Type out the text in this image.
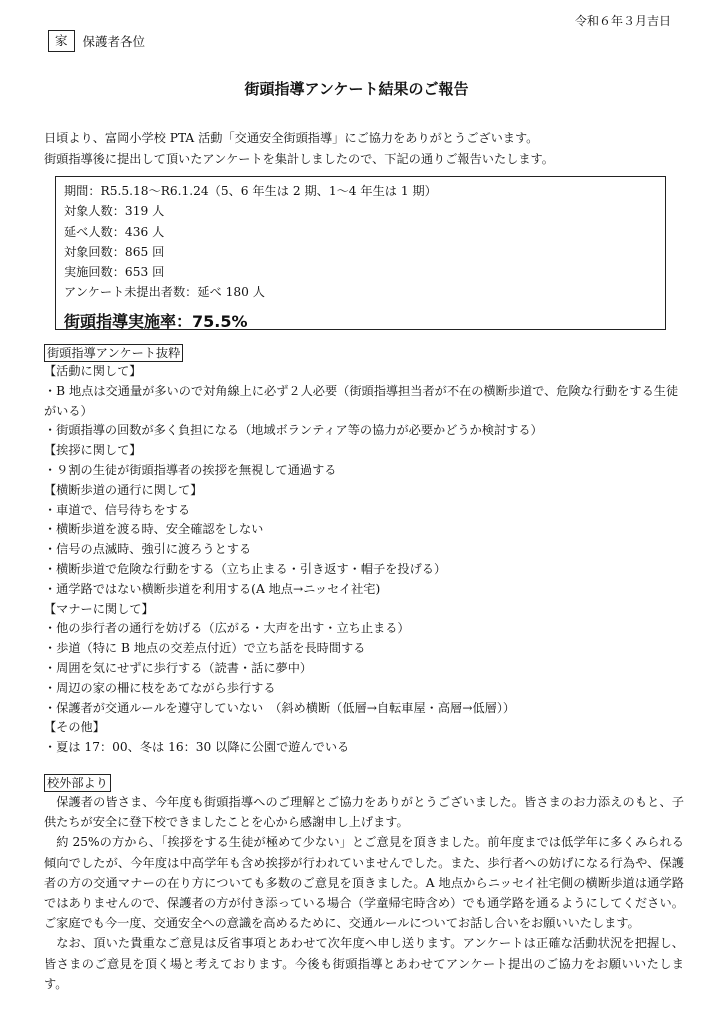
令和６年３月吉日
家	保護者各位
街頭指導アンケート結果のご報告
日頃より、富岡小学校 PTA 活動「交通安全街頭指導」にご協力をありがとうございます。
街頭指導後に提出して頂いたアンケートを集計しましたので、下記の通りご報告いたします。
期間：R5.5.18〜R6.1.24（5、6 年生は 2 期、1〜4 年生は 1 期）
対象人数：319 人
延べ人数：436 人
対象回数：865 回
実施回数：653 回
アンケート未提出者数：延べ 180 人
街頭指導実施率：75.5%
街頭指導アンケート抜粋
【活動に関して】
・B 地点は交通量が多いので対角線上に必ず２人必要（街頭指導担当者が不在の横断歩道で、危険な行動をする生徒がいる）
・街頭指導の回数が多く負担になる（地域ボランティア等の協力が必要かどうか検討する）
【挨拶に関して】
・９割の生徒が街頭指導者の挨拶を無視して通過する
【横断歩道の通行に関して】
・車道で、信号待ちをする
・横断歩道を渡る時、安全確認をしない
・信号の点滅時、強引に渡ろうとする
・横断歩道で危険な行動をする（立ち止まる・引き返す・帽子を投げる）
・通学路ではない横断歩道を利用する(A 地点→ニッセイ社宅)
【マナーに関して】
・他の歩行者の通行を妨げる（広がる・大声を出す・立ち止まる）
・歩道（特に B 地点の交差点付近）で立ち話を長時間する
・周囲を気にせずに歩行する（読書・話に夢中）
・周辺の家の柵に枝をあてながら歩行する
・保護者が交通ルールを遵守していない　（斜め横断（低層→自転車屋・高層→低層））
【その他】
・夏は 17：00、冬は 16：30 以降に公園で遊んでいる
校外部より

保護者の皆さま、今年度も街頭指導へのご理解とご協力をありがとうございました。皆さまのお力添えのもと、子供たちが安全に登下校できましたことを心から感謝申し上げます。

約 25%の方から、「挨拶をする生徒が極めて少ない」とご意見を頂きました。前年度までは低学年に多くみられる傾向でしたが、今年度は中高学年も含め挨拶が行われていませんでした。また、歩行者への妨げになる行為や、保護者の方の交通マナーの在り方についても多数のご意見を頂きました。A 地点からニッセイ社宅側の横断歩道は通学路ではありませんので、保護者の方が付き添っている場合（学童帰宅時含め）でも通学路を通るようにしてください。ご家庭でも今一度、交通安全への意識を高めるために、交通ルールについてお話し合いをお願いいたします。

なお、頂いた貴重なご意見は反省事項とあわせて次年度へ申し送ります。アンケートは正確な活動状況を把握し、皆さまのご意見を頂く場と考えております。今後も街頭指導とあわせてアンケート提出のご協力をお願いいたします。
